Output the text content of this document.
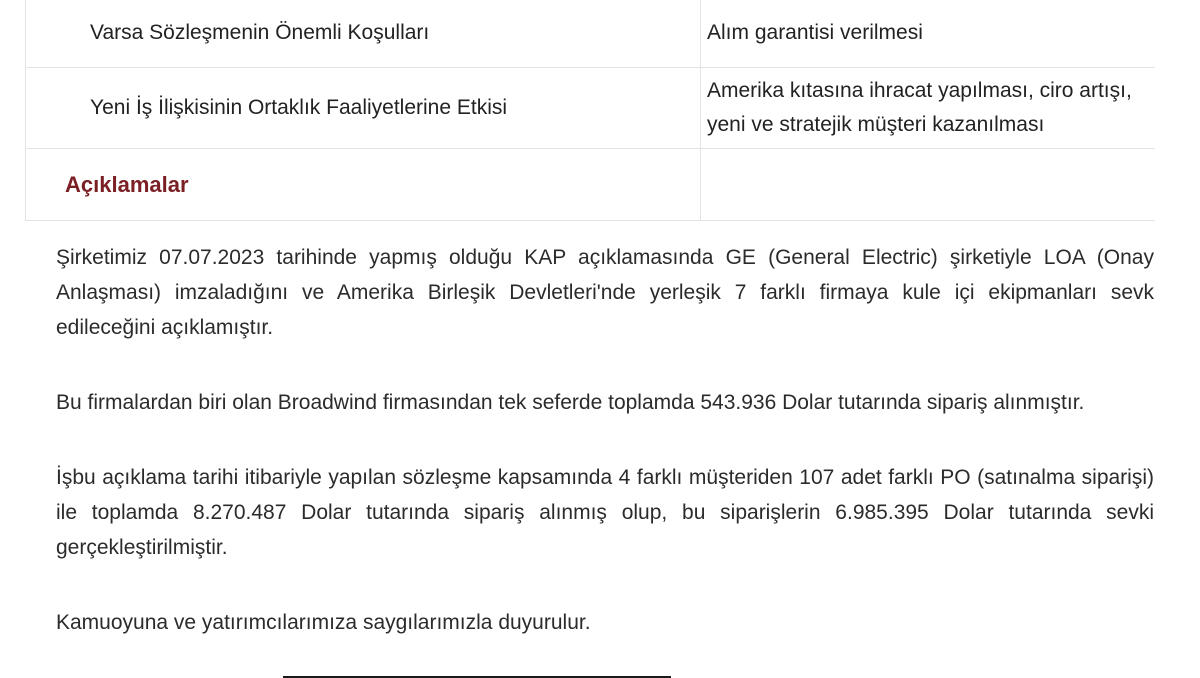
Varsa Sözleşmenin Önemli Koşulları	Alım garantisi verilmesi

Yeni İş İlişkisinin Ortaklık Faaliyetlerine Etkisi	Amerika kıtasına ihracat yapılması, ciro artışı, yeni ve stratejik müşteri kazanılması

Açıklamalar	

Şirketimiz 07.07.2023 tarihinde yapmış olduğu KAP açıklamasında GE (General Electric) şirketiyle LOA (Onay Anlaşması) imzaladığını ve Amerika Birleşik Devletleri'nde yerleşik 7 farklı firmaya kule içi ekipmanları sevk edileceğini açıklamıştır.

Bu firmalardan biri olan Broadwind firmasından tek seferde toplamda 543.936 Dolar tutarında sipariş alınmıştır.

İşbu açıklama tarihi itibariyle yapılan sözleşme kapsamında 4 farklı müşteriden 107 adet farklı PO (satınalma siparişi) ile toplamda 8.270.487 Dolar tutarında sipariş alınmış olup, bu siparişlerin 6.985.395 Dolar tutarında sevki gerçekleştirilmiştir.

Kamuoyuna ve yatırımcılarımıza saygılarımızla duyurulur.
